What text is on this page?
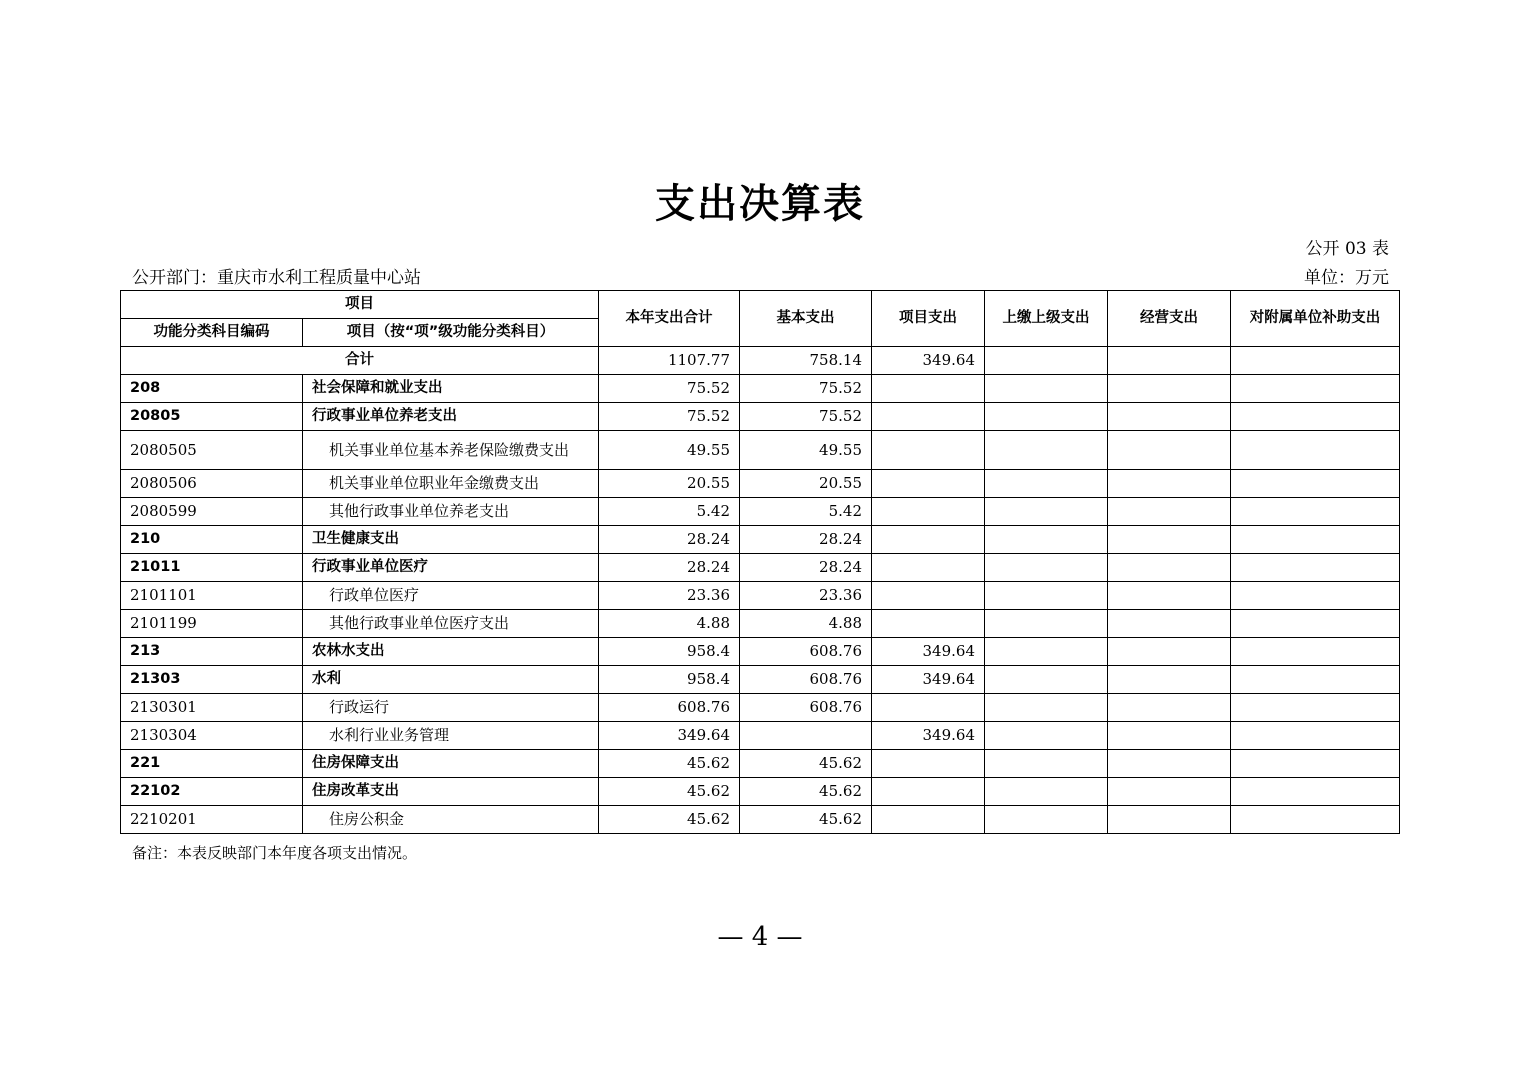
支出决算表
公开 03 表
公开部门：重庆市水利工程质量中心站	单位：万元
项目		本年支出合计	基本支出	项目支出	上缴上级支出	经营支出	对附属单位补助支出
功能分类科目编码	项目（按“项”级功能分类科目）						
合计		1107.77	758.14	349.64			
208	社会保障和就业支出	75.52	75.52				
20805	行政事业单位养老支出	75.52	75.52				
2080505	机关事业单位基本养老保险缴费支出	49.55	49.55				
2080506	机关事业单位职业年金缴费支出	20.55	20.55				
2080599	其他行政事业单位养老支出	5.42	5.42				
210	卫生健康支出	28.24	28.24				
21011	行政事业单位医疗	28.24	28.24				
2101101	行政单位医疗	23.36	23.36				
2101199	其他行政事业单位医疗支出	4.88	4.88				
213	农林水支出	958.4	608.76	349.64			
21303	水利	958.4	608.76	349.64			
2130301	行政运行	608.76	608.76				
2130304	水利行业业务管理	349.64		349.64			
221	住房保障支出	45.62	45.62				
22102	住房改革支出	45.62	45.62				
2210201	住房公积金	45.62	45.62				
备注：本表反映部门本年度各项支出情况。
— 4 —
